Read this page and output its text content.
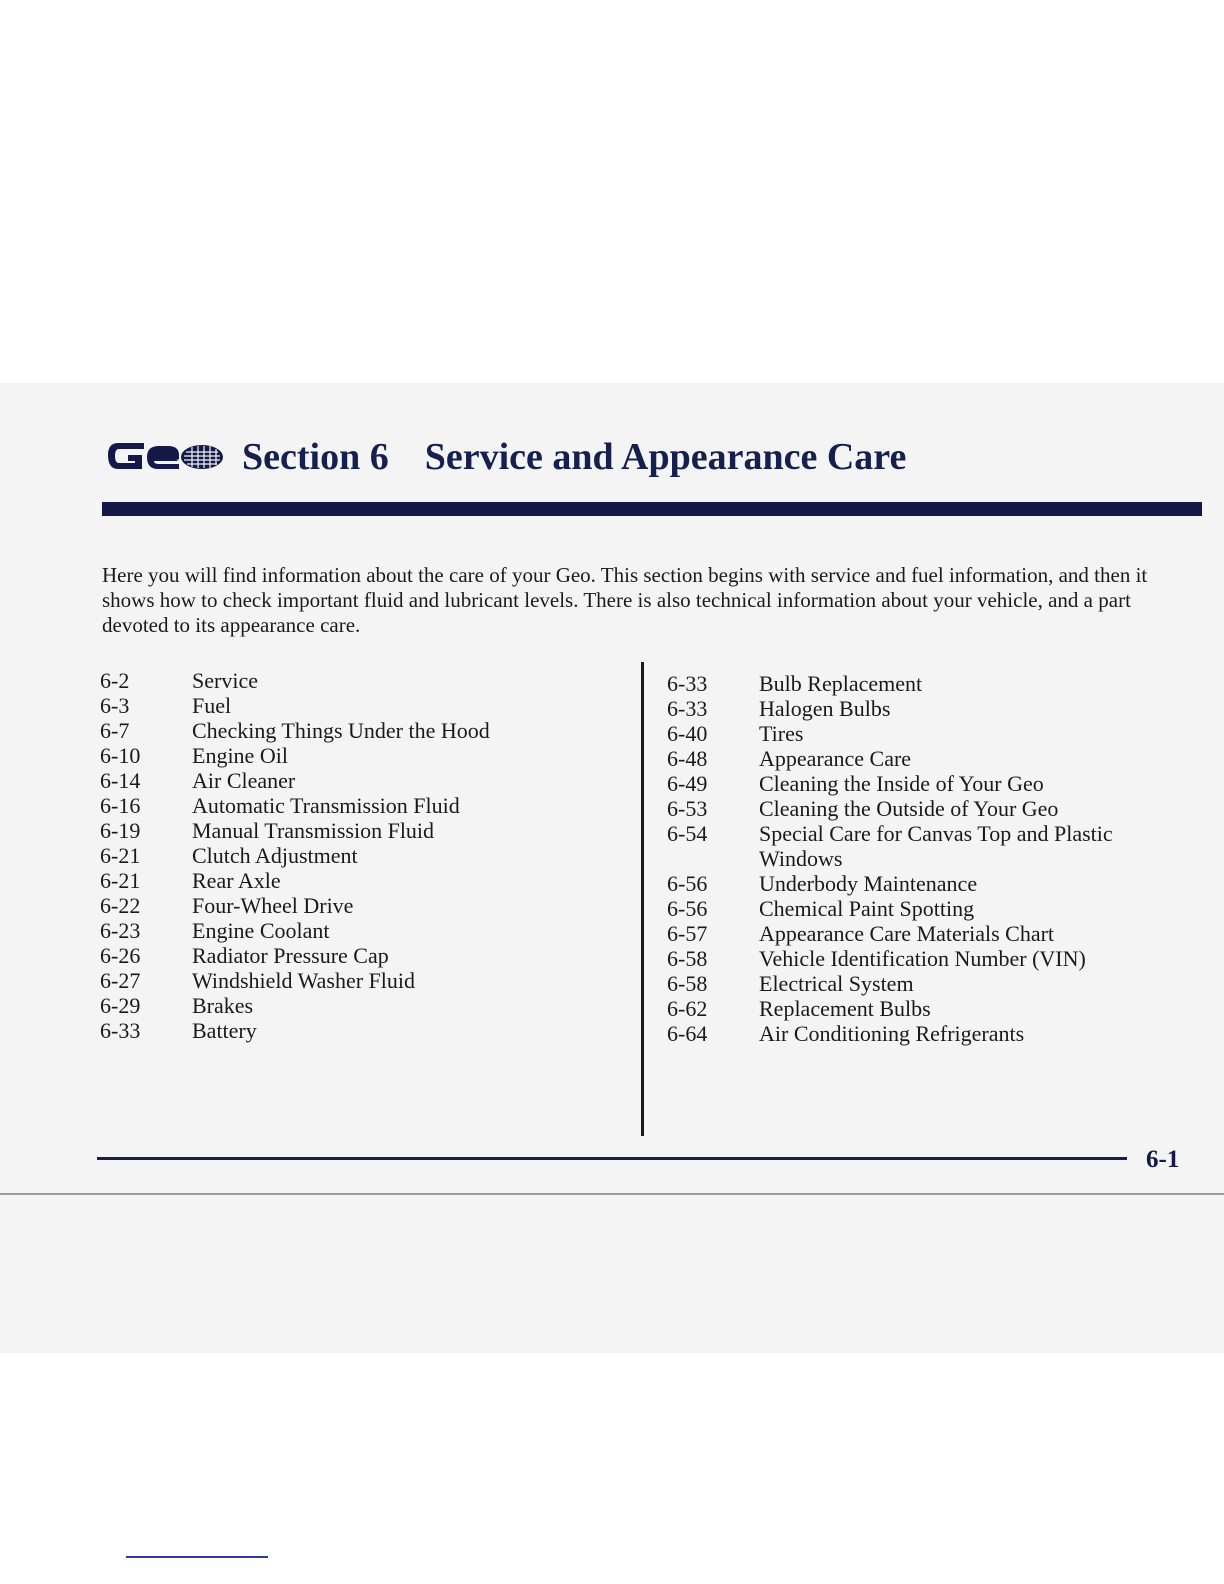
Section 6 Service and Appearance Care

Here you will find information about the care of your Geo. This section begins with service and fuel information, and then it shows how to check important fluid and lubricant levels. There is also technical information about your vehicle, and a part devoted to its appearance care.

6-2	Service
6-3	Fuel
6-7	Checking Things Under the Hood
6-10	Engine Oil
6-14	Air Cleaner
6-16	Automatic Transmission Fluid
6-19	Manual Transmission Fluid
6-21	Clutch Adjustment
6-21	Rear Axle
6-22	Four-Wheel Drive
6-23	Engine Coolant
6-26	Radiator Pressure Cap
6-27	Windshield Washer Fluid
6-29	Brakes
6-33	Battery
6-33	Bulb Replacement
6-33	Halogen Bulbs
6-40	Tires
6-48	Appearance Care
6-49	Cleaning the Inside of Your Geo
6-53	Cleaning the Outside of Your Geo
6-54	Special Care for Canvas Top and Plastic Windows
6-56	Underbody Maintenance
6-56	Chemical Paint Spotting
6-57	Appearance Care Materials Chart
6-58	Vehicle Identification Number (VIN)
6-58	Electrical System
6-62	Replacement Bulbs
6-64	Air Conditioning Refrigerants
6-1
